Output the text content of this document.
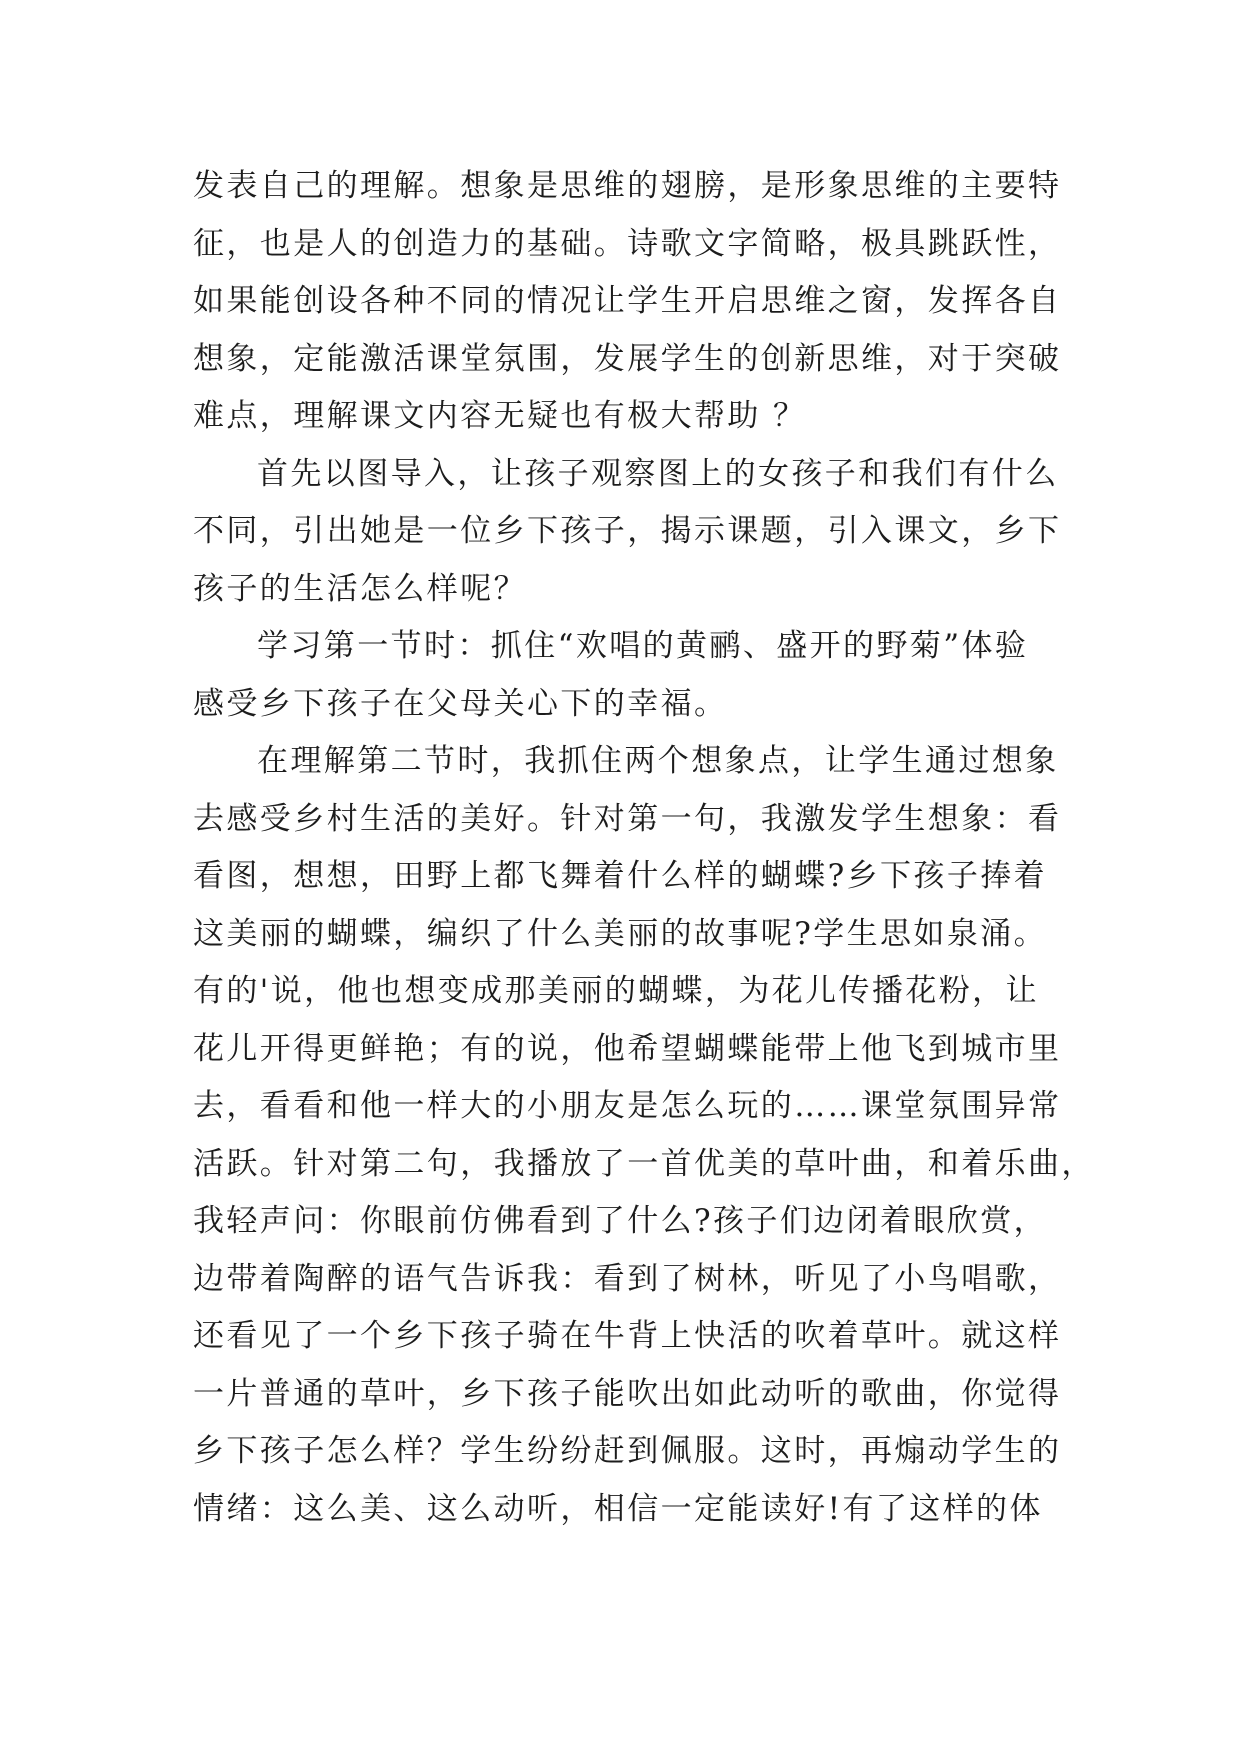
发表自己的理解。想象是思维的翅膀，是形象思维的主要特

征，也是人的创造力的基础。诗歌文字简略，极具跳跃性，

如果能创设各种不同的情况让学生开启思维之窗，发挥各自

想象，定能激活课堂氛围，发展学生的创新思维，对于突破

难点，理解课文内容无疑也有极大帮助 ？

首先以图导入，让孩子观察图上的女孩子和我们有什么

不同，引出她是一位乡下孩子，揭示课题，引入课文，乡下

孩子的生活怎么样呢？

学习第一节时：抓住“欢唱的黄鹂、盛开的野菊”体验

感受乡下孩子在父母关心下的幸福。

在理解第二节时，我抓住两个想象点，让学生通过想象

去感受乡村生活的美好。针对第一句，我激发学生想象：看

看图，想想，田野上都飞舞着什么样的蝴蝶?乡下孩子捧着

这美丽的蝴蝶，编织了什么美丽的故事呢?学生思如泉涌。

有的'说，他也想变成那美丽的蝴蝶，为花儿传播花粉，让

花儿开得更鲜艳；有的说，他希望蝴蝶能带上他飞到城市里

去，看看和他一样大的小朋友是怎么玩的……课堂氛围异常

活跃。针对第二句，我播放了一首优美的草叶曲，和着乐曲，

我轻声问：你眼前仿佛看到了什么?孩子们边闭着眼欣赏，

边带着陶醉的语气告诉我：看到了树林，听见了小鸟唱歌，

还看见了一个乡下孩子骑在牛背上快活的吹着草叶。就这样

一片普通的草叶，乡下孩子能吹出如此动听的歌曲，你觉得

乡下孩子怎么样？学生纷纷赶到佩服。这时，再煽动学生的

情绪：这么美、这么动听，相信一定能读好!有了这样的体
